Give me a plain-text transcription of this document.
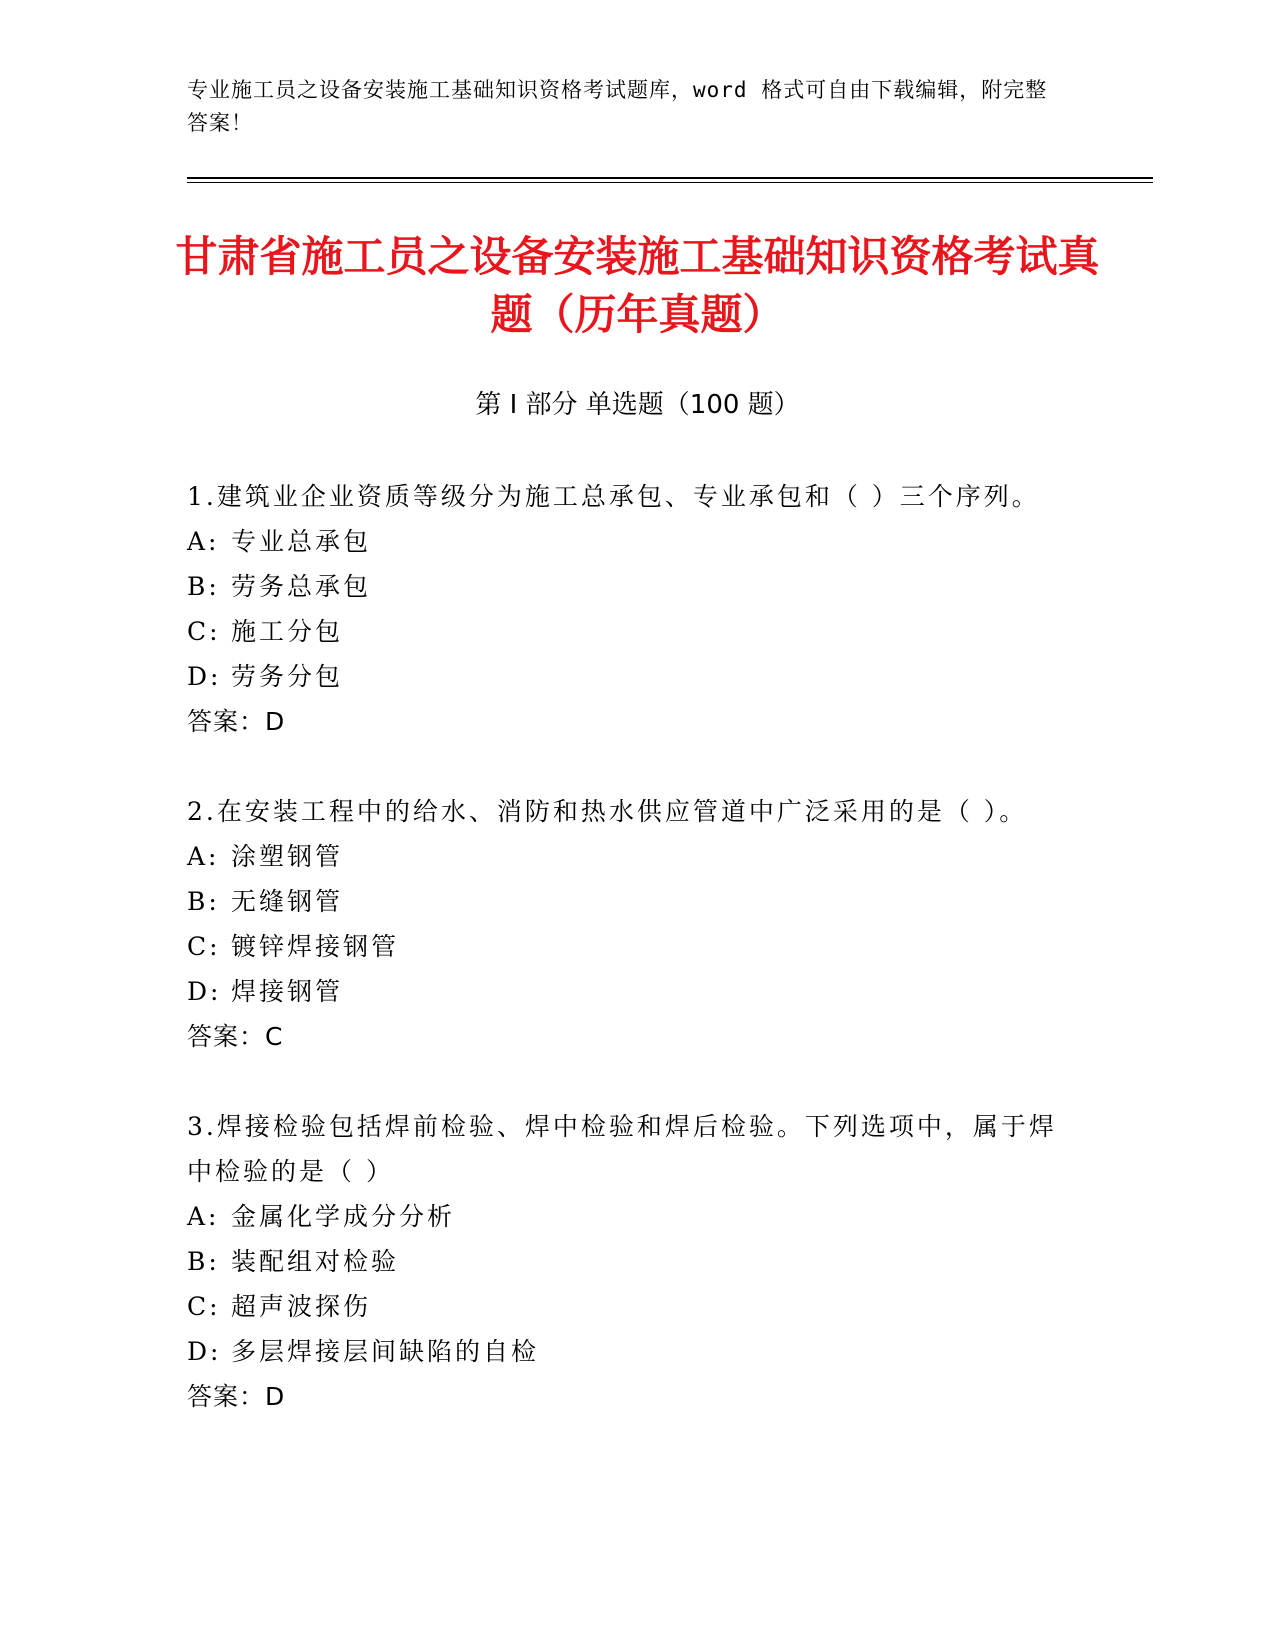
专业施工员之设备安装施工基础知识资格考试题库，word 格式可自由下载编辑，附完整答案！
甘肃省施工员之设备安装施工基础知识资格考试真题（历年真题）
第 I 部分 单选题（100 题）
1.建筑业企业资质等级分为施工总承包、专业承包和（ ）三个序列。
A: 专业总承包
B: 劳务总承包
C: 施工分包
D: 劳务分包
答案：D
2.在安装工程中的给水、消防和热水供应管道中广泛采用的是（ ）。
A: 涂塑钢管
B: 无缝钢管
C: 镀锌焊接钢管
D: 焊接钢管
答案：C
3.焊接检验包括焊前检验、焊中检验和焊后检验。下列选项中，属于焊中检验的是（ ）
A: 金属化学成分分析
B: 装配组对检验
C: 超声波探伤
D: 多层焊接层间缺陷的自检
答案：D
